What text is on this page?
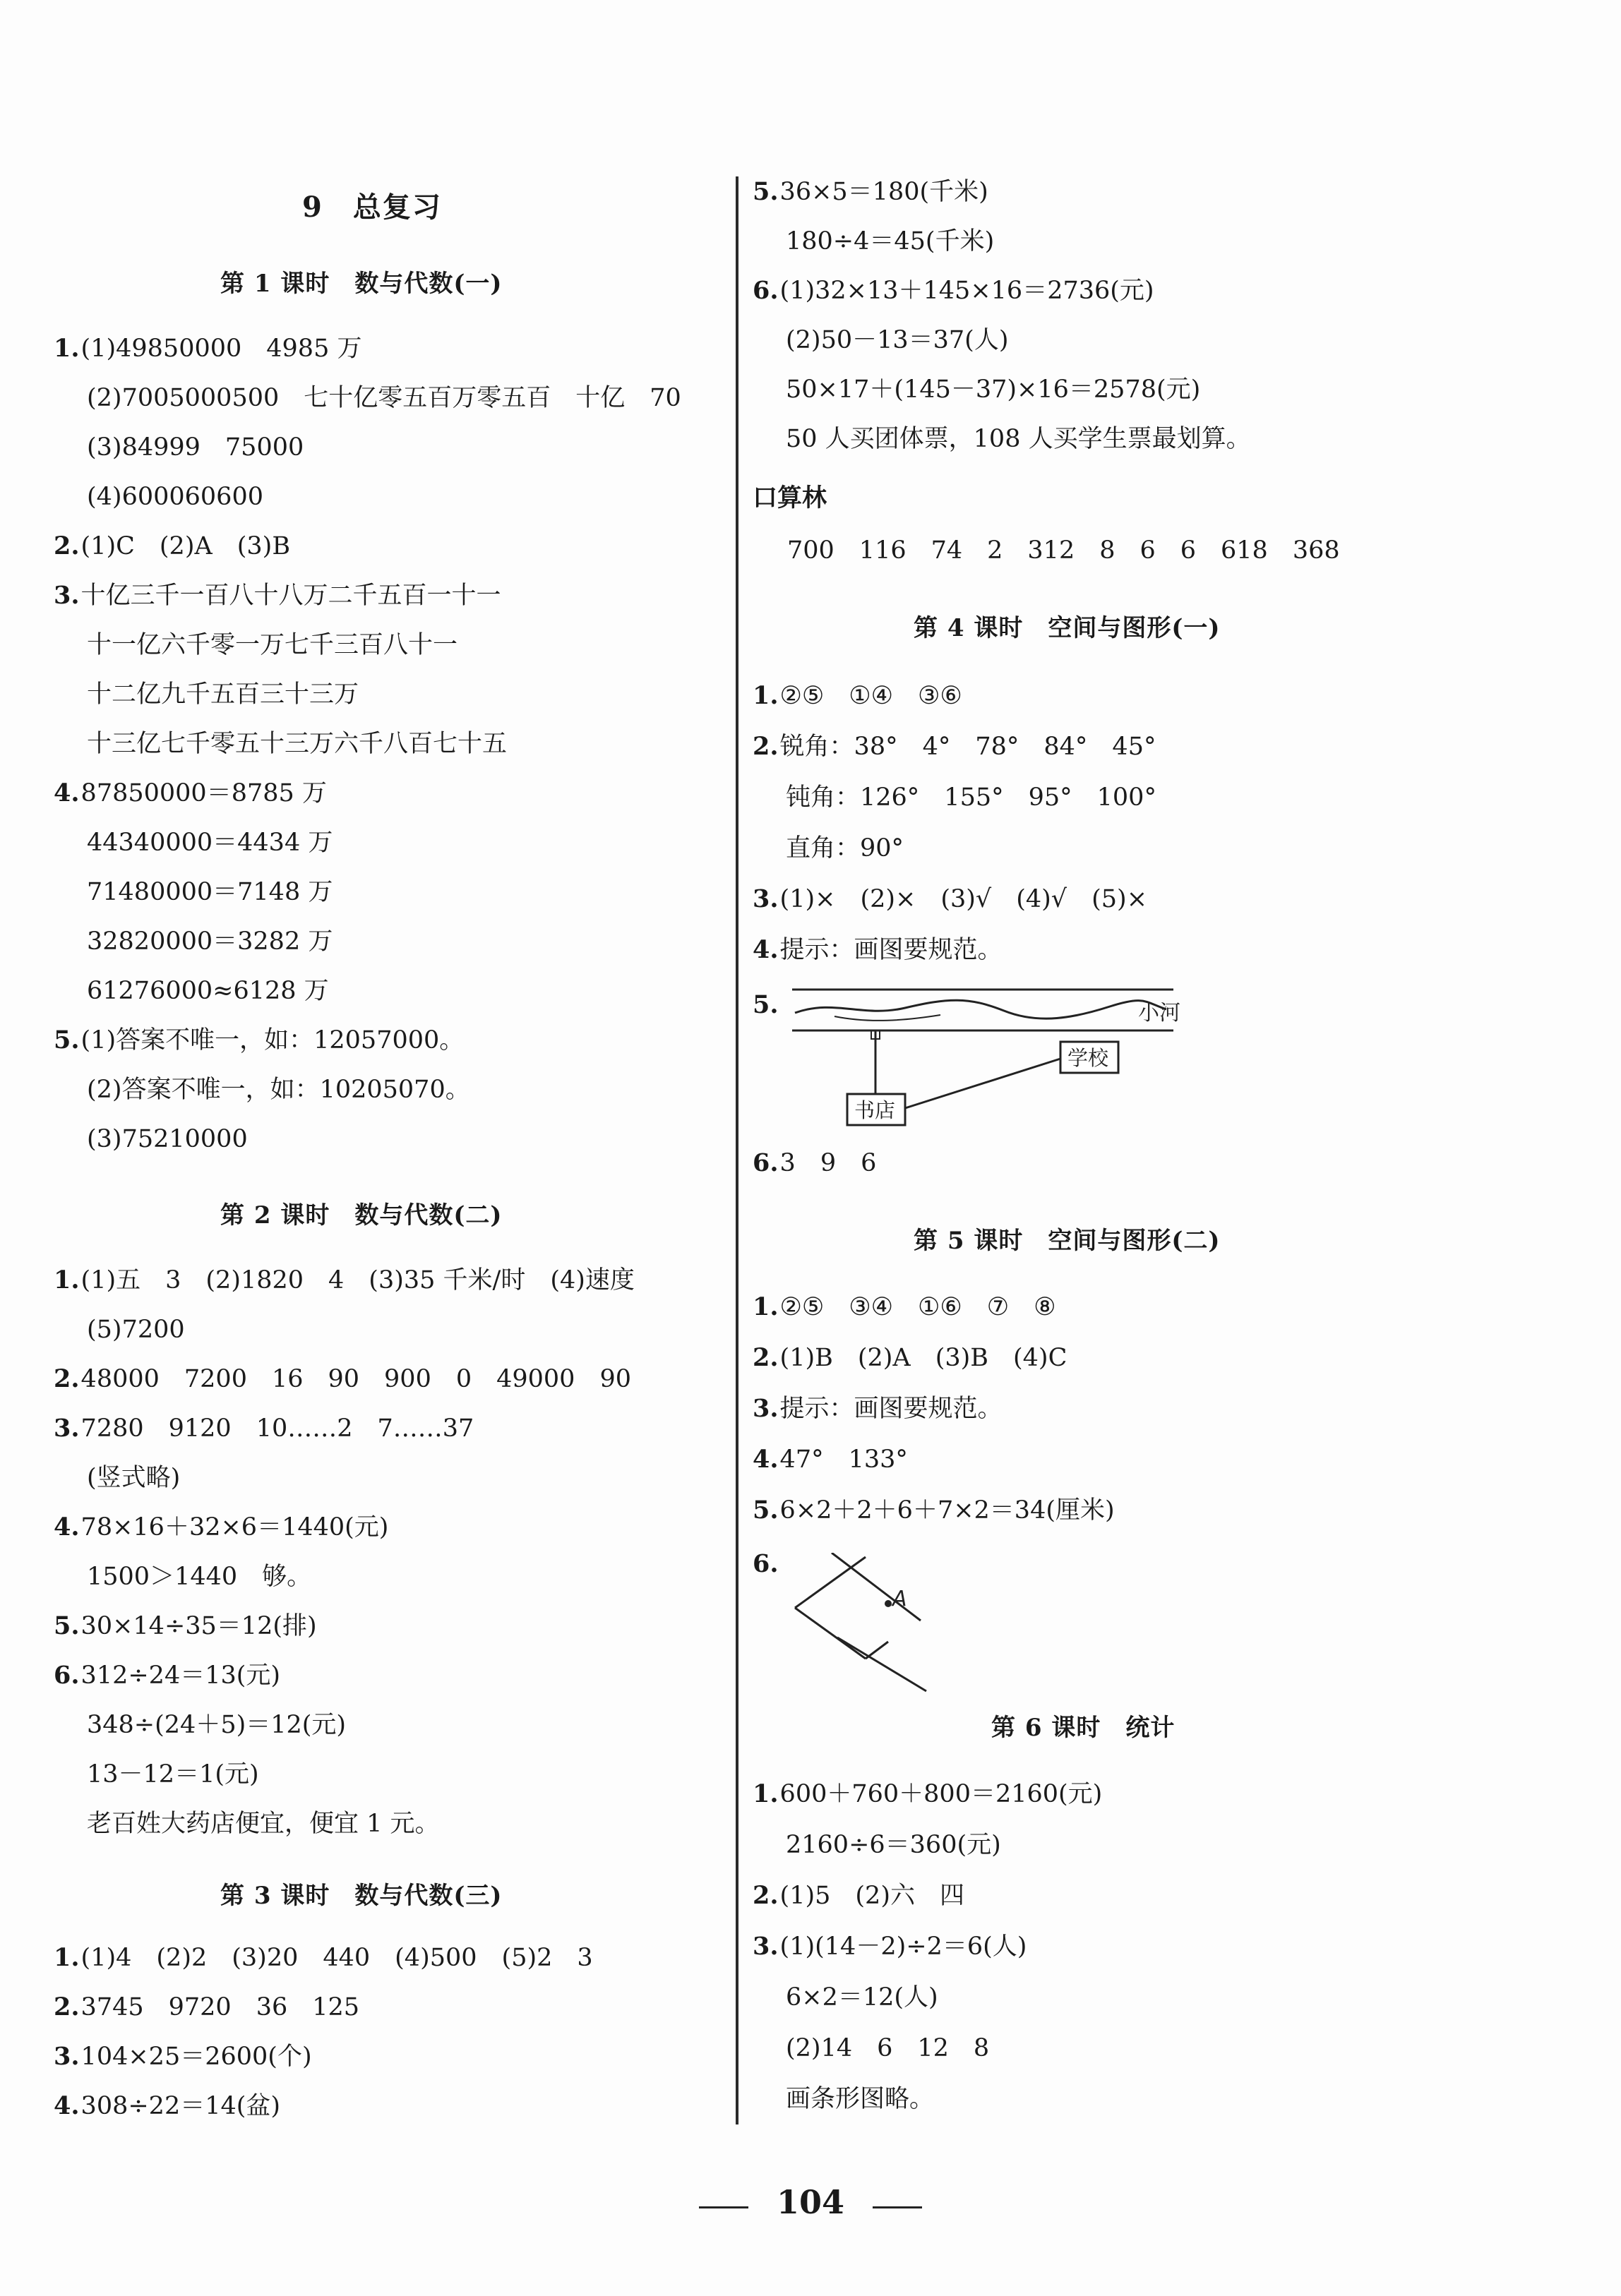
9　总复习
第 1 课时　数与代数(一)
1.(1)49850000　4985 万
(2)7005000500　七十亿零五百万零五百　十亿　70
(3)84999　75000
(4)600060600
2.(1)C　(2)A　(3)B
3.十亿三千一百八十八万二千五百一十一
十一亿六千零一万七千三百八十一
十二亿九千五百三十三万
十三亿七千零五十三万六千八百七十五
4.87850000＝8785 万
44340000＝4434 万
71480000＝7148 万
32820000＝3282 万
61276000≈6128 万
5.(1)答案不唯一，如：12057000。
(2)答案不唯一，如：10205070。
(3)75210000
第 2 课时　数与代数(二)
1.(1)五　3　(2)1820　4　(3)35 千米/时　(4)速度
(5)7200
2.48000　7200　16　90　900　0　49000　90
3.7280　9120　10……2　7……37
(竖式略)
4.78×16＋32×6＝1440(元)
1500＞1440　够。
5.30×14÷35＝12(排)
6.312÷24＝13(元)
348÷(24＋5)＝12(元)
13－12＝1(元)
老百姓大药店便宜，便宜 1 元。
第 3 课时　数与代数(三)
1.(1)4　(2)2　(3)20　440　(4)500　(5)2　3
2.3745　9720　36　125
3.104×25＝2600(个)
4.308÷22＝14(盆)
5.36×5＝180(千米)
180÷4＝45(千米)
6.(1)32×13＋145×16＝2736(元)
(2)50－13＝37(人)
50×17＋(145－37)×16＝2578(元)
50 人买团体票，108 人买学生票最划算。
口算林
700　116　74　2　312　8　6　6　618　368
第 4 课时　空间与图形(一)
1.②⑤　①④　③⑥
2.锐角：38°　4°　78°　84°　45°
钝角：126°　155°　95°　100°
直角：90°
3.(1)×　(2)×　(3)√　(4)√　(5)×
4.提示：画图要规范。
5.	小河
书店
学校
6.3　9　6
第 5 课时　空间与图形(二)
1.②⑤　③④　①⑥　⑦　⑧
2.(1)B　(2)A　(3)B　(4)C
3.提示：画图要规范。
4.47°　133°
5.6×2＋2＋6＋7×2＝34(厘米)
6.
A
第 6 课时　统计
1.600＋760＋800＝2160(元)
2160÷6＝360(元)
2.(1)5　(2)六　四
3.(1)(14－2)÷2＝6(人)
6×2＝12(人)
(2)14　6　12　8
画条形图略。
104
